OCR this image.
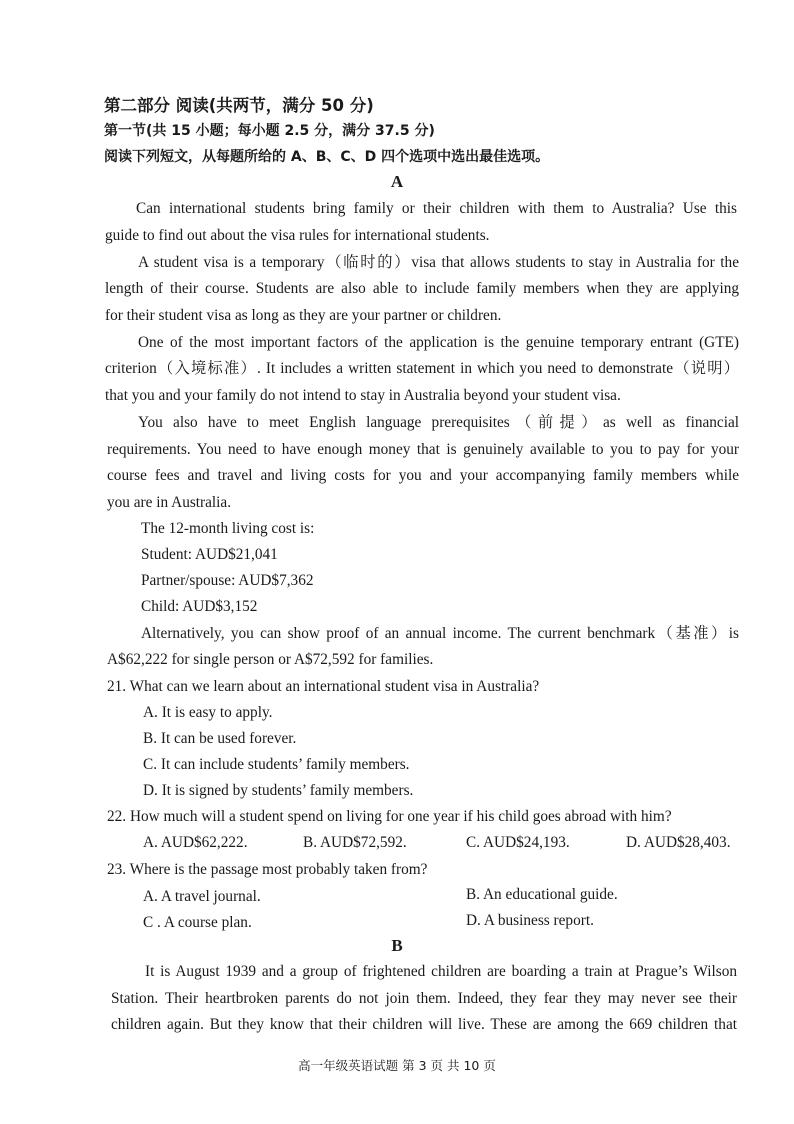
第二部分 阅读(共两节，满分 50 分)
第一节(共 15 小题；每小题 2.5 分，满分 37.5 分)
阅读下列短文，从每题所给的 A、B、C、D 四个选项中选出最佳选项。
A
Can international students bring family or their children with them to Australia? Use this
guide to find out about the visa rules for international students.
A student visa is a temporary（临时的）visa that allows students to stay in Australia for the
length of their course. Students are also able to include family members when they are applying
for their student visa as long as they are your partner or children.
One of the most important factors of the application is the genuine temporary entrant (GTE)
criterion（入境标准）. It includes a written statement in which you need to demonstrate（说明）
that you and your family do not intend to stay in Australia beyond your student visa.
You also have to meet English language prerequisites（前提）as well as financial
requirements. You need to have enough money that is genuinely available to you to pay for your
course fees and travel and living costs for you and your accompanying family members while
you are in Australia.
The 12-month living cost is:
Student: AUD$21,041
Partner/spouse: AUD$7,362
Child: AUD$3,152
Alternatively, you can show proof of an annual income. The current benchmark（基准）is
A$62,222 for single person or A$72,592 for families.
21. What can we learn about an international student visa in Australia?
A. It is easy to apply.
B. It can be used forever.
C. It can include students’ family members.
D. It is signed by students’ family members.
22. How much will a student spend on living for one year if his child goes abroad with him?
A. AUD$62,222.	B. AUD$72,592.	C. AUD$24,193.	D. AUD$28,403.
23. Where is the passage most probably taken from?
A. A travel journal.	B. An educational guide.
C . A course plan.	D. A business report.
B
It is August 1939 and a group of frightened children are boarding a train at Prague’s Wilson
Station. Their heartbroken parents do not join them. Indeed, they fear they may never see their
children again. But they know that their children will live. These are among the 669 children that
高一年级英语试题 第 3 页 共 10 页
